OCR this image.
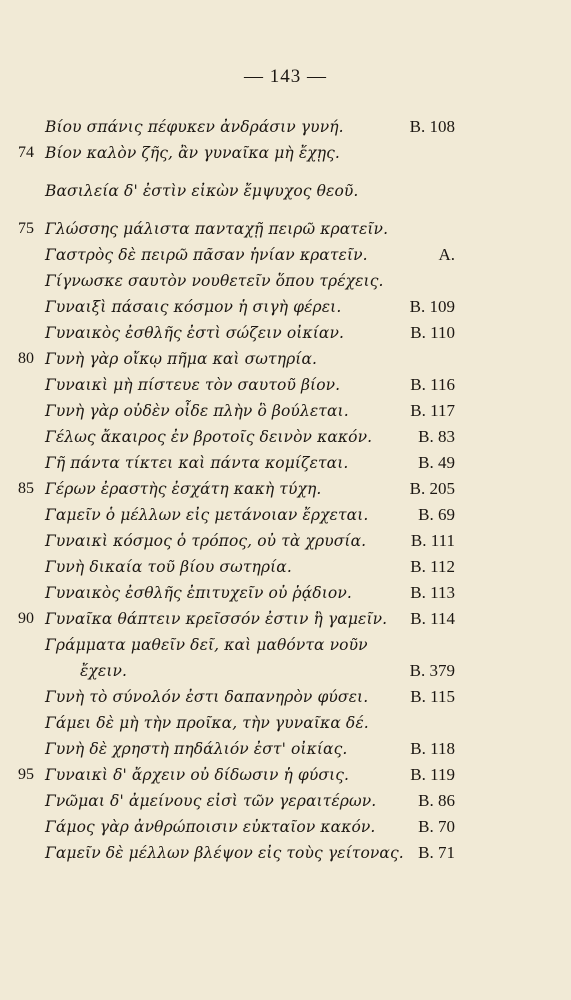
— 143 —
Βίου σπάνις πέφυκεν ἀνδράσιν γυνή.	Β. 108
74 Βίον καλὸν ζῆς, ἂν γυναῖκα μὴ ἔχῃς.
Βασιλεία δ' ἐστὶν εἰκὼν ἔμψυχος θεοῦ.
75 Γλώσσης μάλιστα πανταχῇ πειρῶ κρατεῖν.
Γαστρὸς δὲ πειρῶ πᾶσαν ἡνίαν κρατεῖν.	A.
Γίγνωσκε σαυτὸν νουθετεῖν ὅπου τρέχεις.
Γυναιξὶ πάσαις κόσμον ἡ σιγὴ φέρει.	Β. 109
Γυναικὸς ἐσθλῆς ἐστὶ σώζειν οἰκίαν.	Β. 110
80 Γυνὴ γὰρ οἴκῳ πῆμα καὶ σωτηρία.
Γυναικὶ μὴ πίστευε τὸν σαυτοῦ βίον.	Β. 116
Γυνὴ γὰρ οὐδὲν οἶδε πλὴν ὃ βούλεται.	Β. 117
Γέλως ἄκαιρος ἐν βροτοῖς δεινὸν κακόν.	Β. 83
Γῆ πάντα τίκτει καὶ πάντα κομίζεται.	Β. 49
85 Γέρων ἐραστὴς ἐσχάτη κακὴ τύχη.	Β. 205
Γαμεῖν ὁ μέλλων εἰς μετάνοιαν ἔρχεται.	Β. 69
Γυναικὶ κόσμος ὁ τρόπος, οὐ τὰ χρυσία.	Β. 111
Γυνὴ δικαία τοῦ βίου σωτηρία.	Β. 112
Γυναικὸς ἐσθλῆς ἐπιτυχεῖν οὐ ῥᾴδιον.	Β. 113
90 Γυναῖκα θάπτειν κρεῖσσόν ἐστιν ἢ γαμεῖν. Β. 114
Γράμματα μαθεῖν δεῖ, καὶ μαθόντα νοῦν
ἔχειν.	Β. 379
Γυνὴ τὸ σύνολόν ἐστι δαπανηρὸν φύσει. Β. 115
Γάμει δὲ μὴ τὴν προῖκα, τὴν γυναῖκα δέ.
Γυνὴ δὲ χρηστὴ πηδάλιόν ἐστ' οἰκίας.	Β. 118
95 Γυναικὶ δ' ἄρχειν οὐ δίδωσιν ἡ φύσις.	Β. 119
Γνῶμαι δ' ἀμείνους εἰσὶ τῶν γεραιτέρων. Β. 86
Γάμος γὰρ ἀνθρώποισιν εὐκταῖον κακόν.	Β. 70
Γαμεῖν δὲ μέλλων βλέψον εἰς τοὺς γείτονας. Β. 71
